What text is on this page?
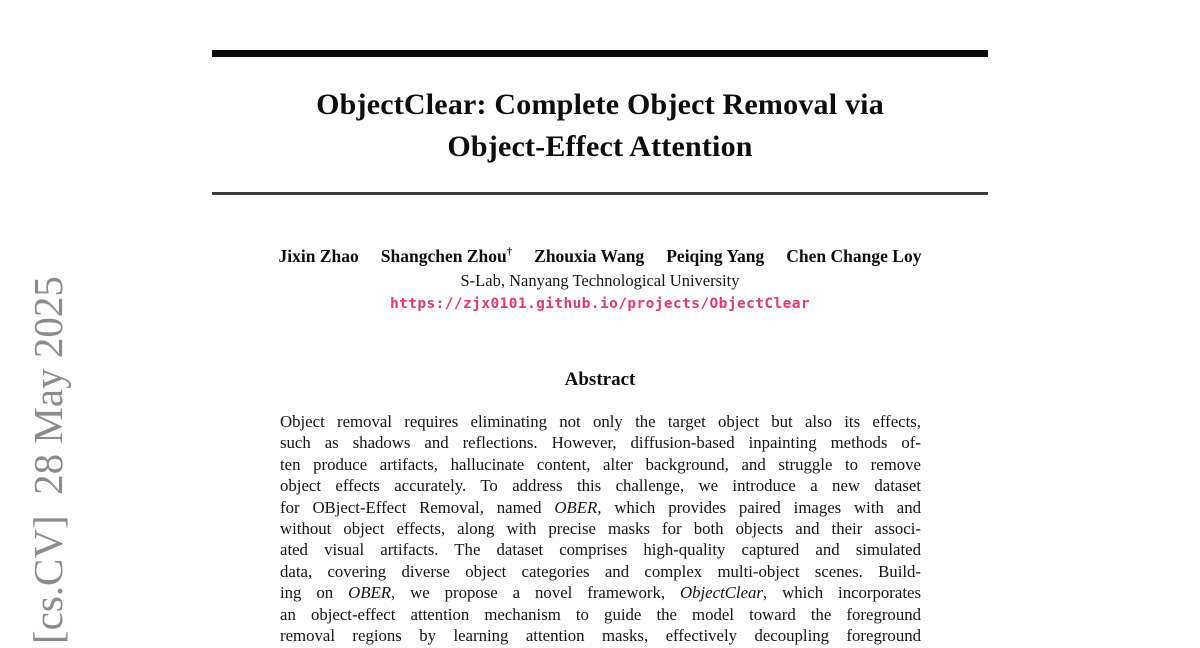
ObjectClear: Complete Object Removal via
Object-Effect Attention
Jixin Zhao Shangchen Zhou† Zhouxia Wang Peiqing Yang Chen Change Loy
S-Lab, Nanyang Technological University
https://zjx0101.github.io/projects/ObjectClear
Abstract
Object removal requires eliminating not only the target object but also its effects,
such as shadows and reflections. However, diffusion-based inpainting methods of-
ten produce artifacts, hallucinate content, alter background, and struggle to remove
object effects accurately. To address this challenge, we introduce a new dataset
for OBject-Effect Removal, named OBER, which provides paired images with and
without object effects, along with precise masks for both objects and their associ-
ated visual artifacts. The dataset comprises high-quality captured and simulated
data, covering diverse object categories and complex multi-object scenes. Build-
ing on OBER, we propose a novel framework, ObjectClear, which incorporates
an object-effect attention mechanism to guide the model toward the foreground
removal regions by learning attention masks, effectively decoupling foreground
[cs.CV]  28 May 2025
